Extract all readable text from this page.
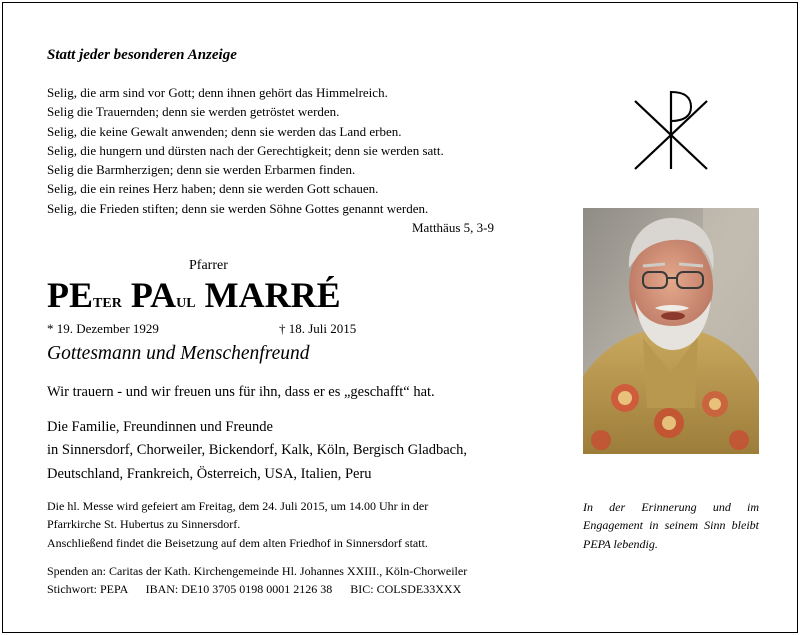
Statt jeder besonderen Anzeige
Selig, die arm sind vor Gott; denn ihnen gehört das Himmelreich.
Selig die Trauernden; denn sie werden getröstet werden.
Selig, die keine Gewalt anwenden; denn sie werden das Land erben.
Selig, die hungern und dürsten nach der Gerechtigkeit; denn sie werden satt.
Selig die Barmherzigen; denn sie werden Erbarmen finden.
Selig, die ein reines Herz haben; denn sie werden Gott schauen.
Selig, die Frieden stiften; denn sie werden Söhne Gottes genannt werden.
Matthäus 5, 3-9
Pfarrer
PETER PAUL MARRÉ
* 19. Dezember 1929	† 18. Juli 2015
Gottesmann und Menschenfreund
Wir trauern - und wir freuen uns für ihn, dass er es „geschafft“ hat.
Die Familie, Freundinnen und Freunde
in Sinnersdorf, Chorweiler, Bickendorf, Kalk, Köln, Bergisch Gladbach,
Deutschland, Frankreich, Österreich, USA, Italien, Peru
Die hl. Messe wird gefeiert am Freitag, dem 24. Juli 2015, um 14.00 Uhr in der
Pfarrkirche St. Hubertus zu Sinnersdorf.
Anschließend findet die Beisetzung auf dem alten Friedhof in Sinnersdorf statt.
Spenden an: Caritas der Kath. Kirchengemeinde Hl. Johannes XXIII., Köln-Chorweiler
Stichwort: PEPA IBAN: DE10 3705 0198 0001 2126 38 BIC: COLSDE33XXX
In der Erinnerung und im Engagement in seinem Sinn bleibt PEPA lebendig.
